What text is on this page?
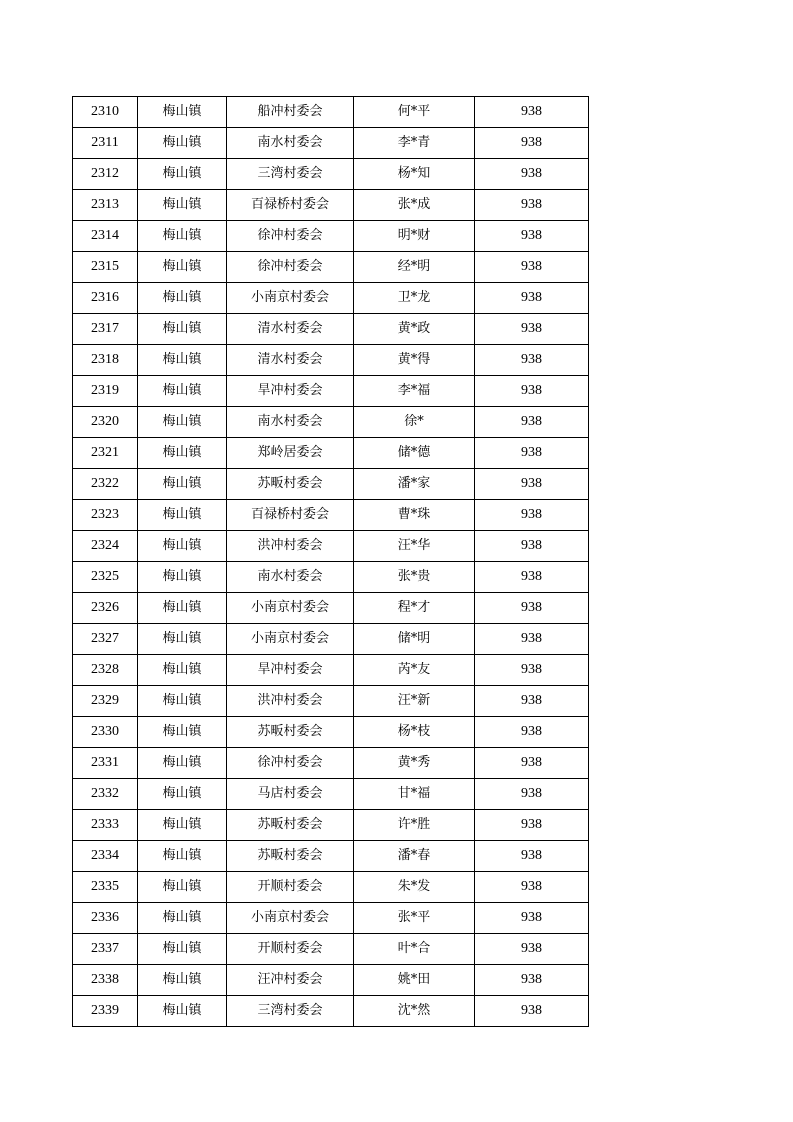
2310	梅山镇	船冲村委会	何*平	938
2311	梅山镇	南水村委会	李*青	938
2312	梅山镇	三湾村委会	杨*知	938
2313	梅山镇	百禄桥村委会	张*成	938
2314	梅山镇	徐冲村委会	明*财	938
2315	梅山镇	徐冲村委会	经*明	938
2316	梅山镇	小南京村委会	卫*龙	938
2317	梅山镇	清水村委会	黄*政	938
2318	梅山镇	清水村委会	黄*得	938
2319	梅山镇	旱冲村委会	李*福	938
2320	梅山镇	南水村委会	徐*	938
2321	梅山镇	郑岭居委会	储*德	938
2322	梅山镇	苏畈村委会	潘*家	938
2323	梅山镇	百禄桥村委会	曹*珠	938
2324	梅山镇	洪冲村委会	汪*华	938
2325	梅山镇	南水村委会	张*贵	938
2326	梅山镇	小南京村委会	程*才	938
2327	梅山镇	小南京村委会	储*明	938
2328	梅山镇	旱冲村委会	芮*友	938
2329	梅山镇	洪冲村委会	汪*新	938
2330	梅山镇	苏畈村委会	杨*枝	938
2331	梅山镇	徐冲村委会	黄*秀	938
2332	梅山镇	马店村委会	甘*福	938
2333	梅山镇	苏畈村委会	许*胜	938
2334	梅山镇	苏畈村委会	潘*春	938
2335	梅山镇	开顺村委会	朱*发	938
2336	梅山镇	小南京村委会	张*平	938
2337	梅山镇	开顺村委会	叶*合	938
2338	梅山镇	汪冲村委会	姚*田	938
2339	梅山镇	三湾村委会	沈*然	938
